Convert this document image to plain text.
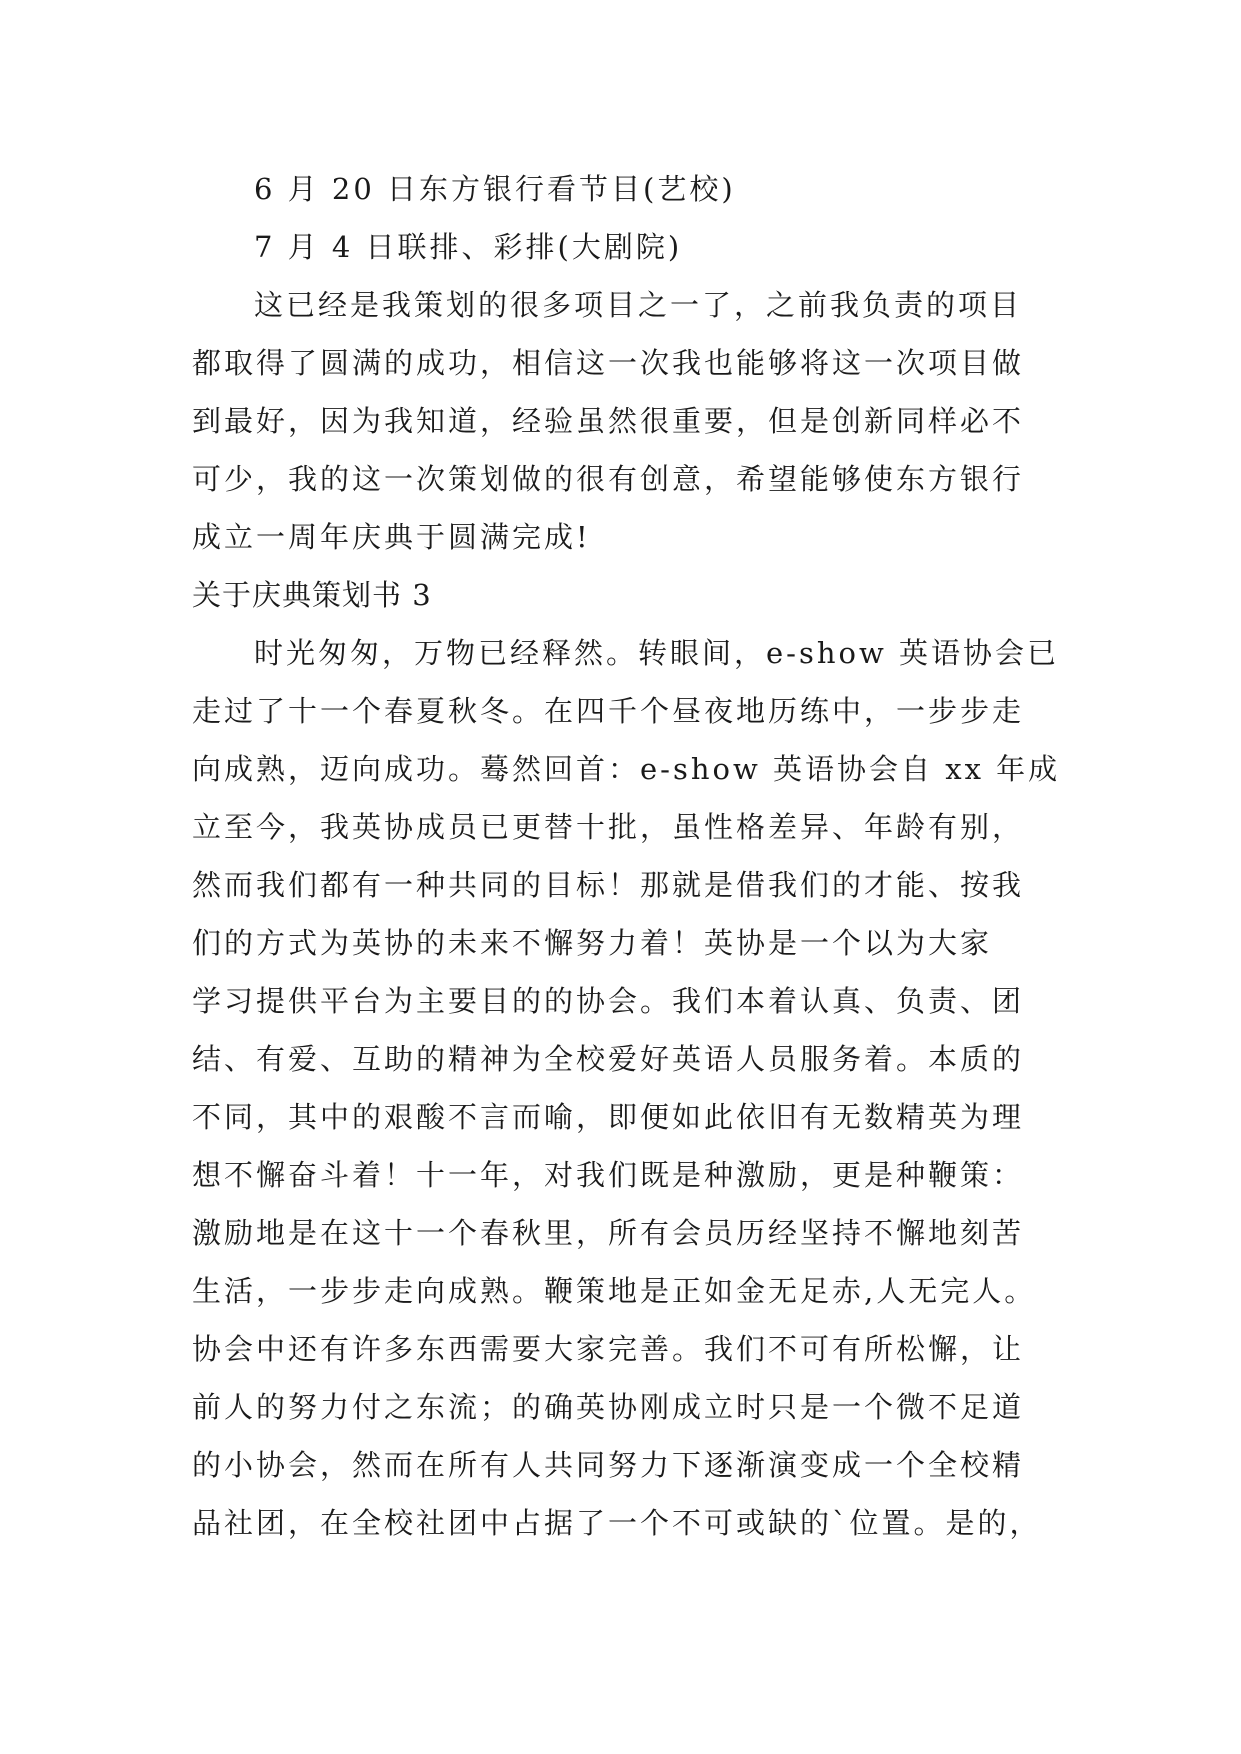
6 月 20 日东方银行看节目(艺校)
7 月 4 日联排、彩排(大剧院)
这已经是我策划的很多项目之一了，之前我负责的项目
都取得了圆满的成功，相信这一次我也能够将这一次项目做
到最好，因为我知道，经验虽然很重要，但是创新同样必不
可少，我的这一次策划做的很有创意，希望能够使东方银行
成立一周年庆典于圆满完成!
关于庆典策划书 3
时光匆匆，万物已经释然。转眼间，e-show 英语协会已
走过了十一个春夏秋冬。在四千个昼夜地历练中，一步步走
向成熟，迈向成功。蓦然回首：e-show 英语协会自 xx 年成
立至今，我英协成员已更替十批，虽性格差异、年龄有别，
然而我们都有一种共同的目标！那就是借我们的才能、按我
们的方式为英协的未来不懈努力着！英协是一个以为大家
学习提供平台为主要目的的协会。我们本着认真、负责、团
结、有爱、互助的精神为全校爱好英语人员服务着。本质的
不同，其中的艰酸不言而喻，即便如此依旧有无数精英为理
想不懈奋斗着！十一年，对我们既是种激励，更是种鞭策：
激励地是在这十一个春秋里，所有会员历经坚持不懈地刻苦
生活，一步步走向成熟。鞭策地是正如金无足赤,人无完人。
协会中还有许多东西需要大家完善。我们不可有所松懈，让
前人的努力付之东流；的确英协刚成立时只是一个微不足道
的小协会，然而在所有人共同努力下逐渐演变成一个全校精
品社团，在全校社团中占据了一个不可或缺的`位置。是的，
